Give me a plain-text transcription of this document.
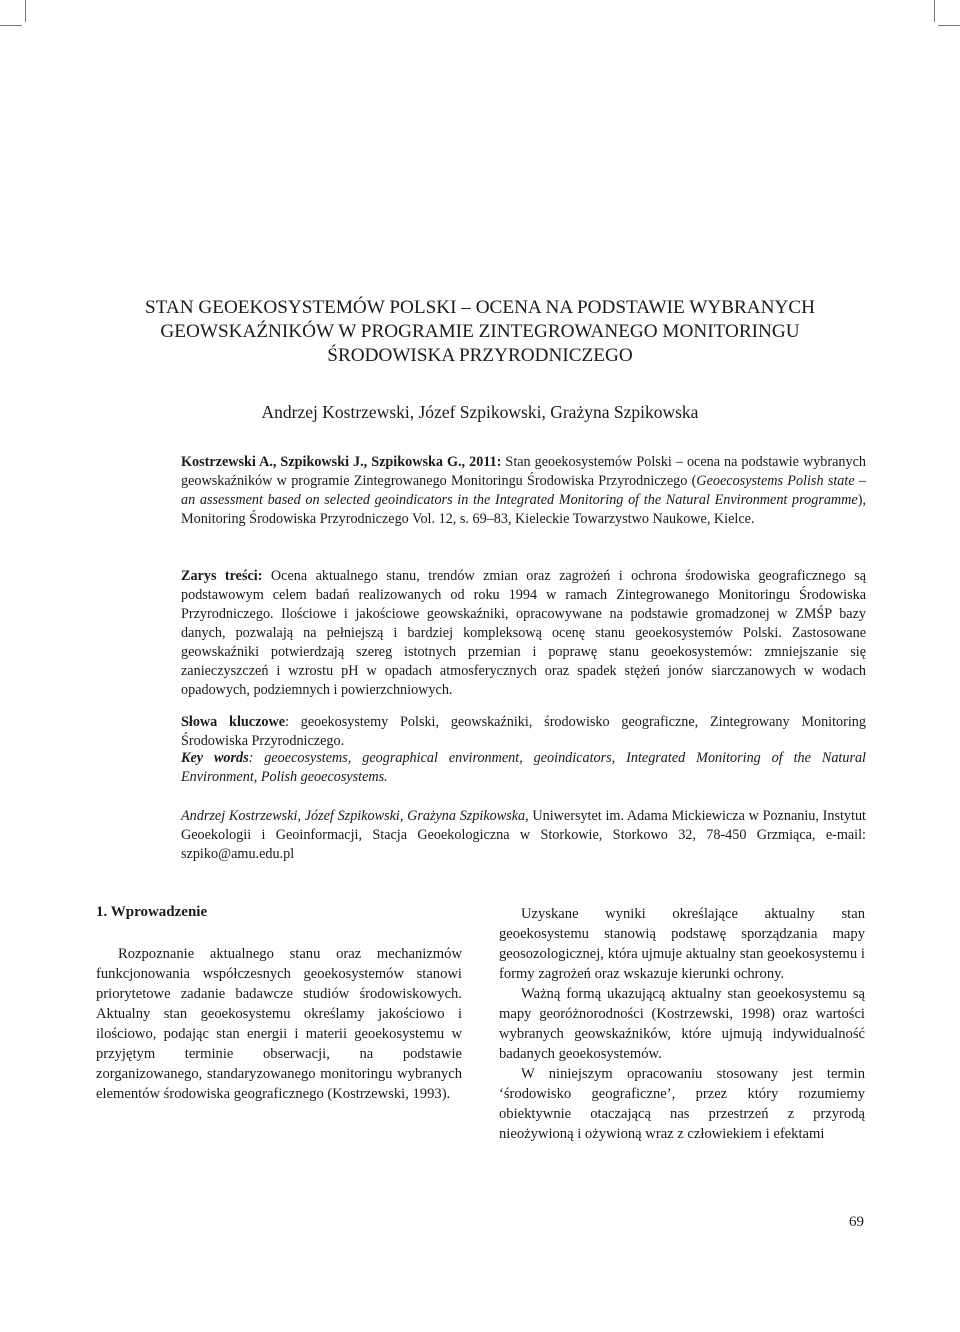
STAN GEOEKOSYSTEMÓW POLSKI – OCENA NA PODSTAWIE WYBRANYCH
GEOWSKAŹNIKÓW W PROGRAMIE ZINTEGROWANEGO MONITORINGU
ŚRODOWISKA PRZYRODNICZEGO

Andrzej Kostrzewski, Józef Szpikowski, Grażyna Szpikowska

Kostrzewski A., Szpikowski J., Szpikowska G., 2011: Stan geoekosystemów Polski – ocena na podstawie wybranych geowskaźników w programie Zintegrowanego Monitoringu Środowiska Przyrodniczego (Geoecosystems Polish state – an assessment based on selected geoindicators in the Integrated Monitoring of the Natural Environment programme), Monitoring Środowiska Przyrodniczego Vol. 12, s. 69–83, Kieleckie Towarzystwo Naukowe, Kielce.

Zarys treści: Ocena aktualnego stanu, trendów zmian oraz zagrożeń i ochrona środowiska geograficznego są podstawowym celem badań realizowanych od roku 1994 w ramach Zintegrowanego Monitoringu Środowiska Przyrodniczego. Ilościowe i jakościowe geowskaźniki, opracowywane na podstawie gromadzonej w ZMŚP bazy danych, pozwalają na pełniejszą i bardziej kompleksową ocenę stanu geoekosystemów Polski. Zastosowane geowskaźniki potwierdzają szereg istotnych przemian i poprawę stanu geoekosystemów: zmniejszanie się zanieczyszczeń i wzrostu pH w opadach atmosferycznych oraz spadek stężeń jonów siarczanowych w wodach opadowych, podziemnych i powierzchniowych.

Słowa kluczowe: geoekosystemy Polski, geowskaźniki, środowisko geograficzne, Zintegrowany Monitoring Środowiska Przyrodniczego.

Key words: geoecosystems, geographical environment, geoindicators, Integrated Monitoring of the Natural Environment, Polish geoecosystems.

Andrzej Kostrzewski, Józef Szpikowski, Grażyna Szpikowska, Uniwersytet im. Adama Mickiewicza w Poznaniu, Instytut Geoekologii i Geoinformacji, Stacja Geoekologiczna w Storkowie, Storkowo 32, 78-450 Grzmiąca, e-mail: szpiko@amu.edu.pl

1. Wprowadzenie

Rozpoznanie aktualnego stanu oraz mechanizmów funkcjonowania współczesnych geoekosystemów stanowi priorytetowe zadanie badawcze studiów środowiskowych. Aktualny stan geoekosystemu określamy jakościowo i ilościowo, podając stan energii i materii geoekosystemu w przyjętym terminie obserwacji, na podstawie zorganizowanego, standaryzowanego monitoringu wybranych elementów środowiska geograficznego (Kostrzewski, 1993).

Uzyskane wyniki określające aktualny stan geoekosystemu stanowią podstawę sporządzania mapy geosozologicznej, która ujmuje aktualny stan geoekosystemu i formy zagrożeń oraz wskazuje kierunki ochrony.

Ważną formą ukazującą aktualny stan geoekosystemu są mapy georóżnorodności (Kostrzewski, 1998) oraz wartości wybranych geowskaźników, które ujmują indywidualność badanych geoekosystemów.

W niniejszym opracowaniu stosowany jest termin ‘środowisko geograficzne’, przez który rozumiemy obiektywnie otaczającą nas przestrzeń z przyrodą nieożywioną i ożywioną wraz z człowiekiem i efektami

69
